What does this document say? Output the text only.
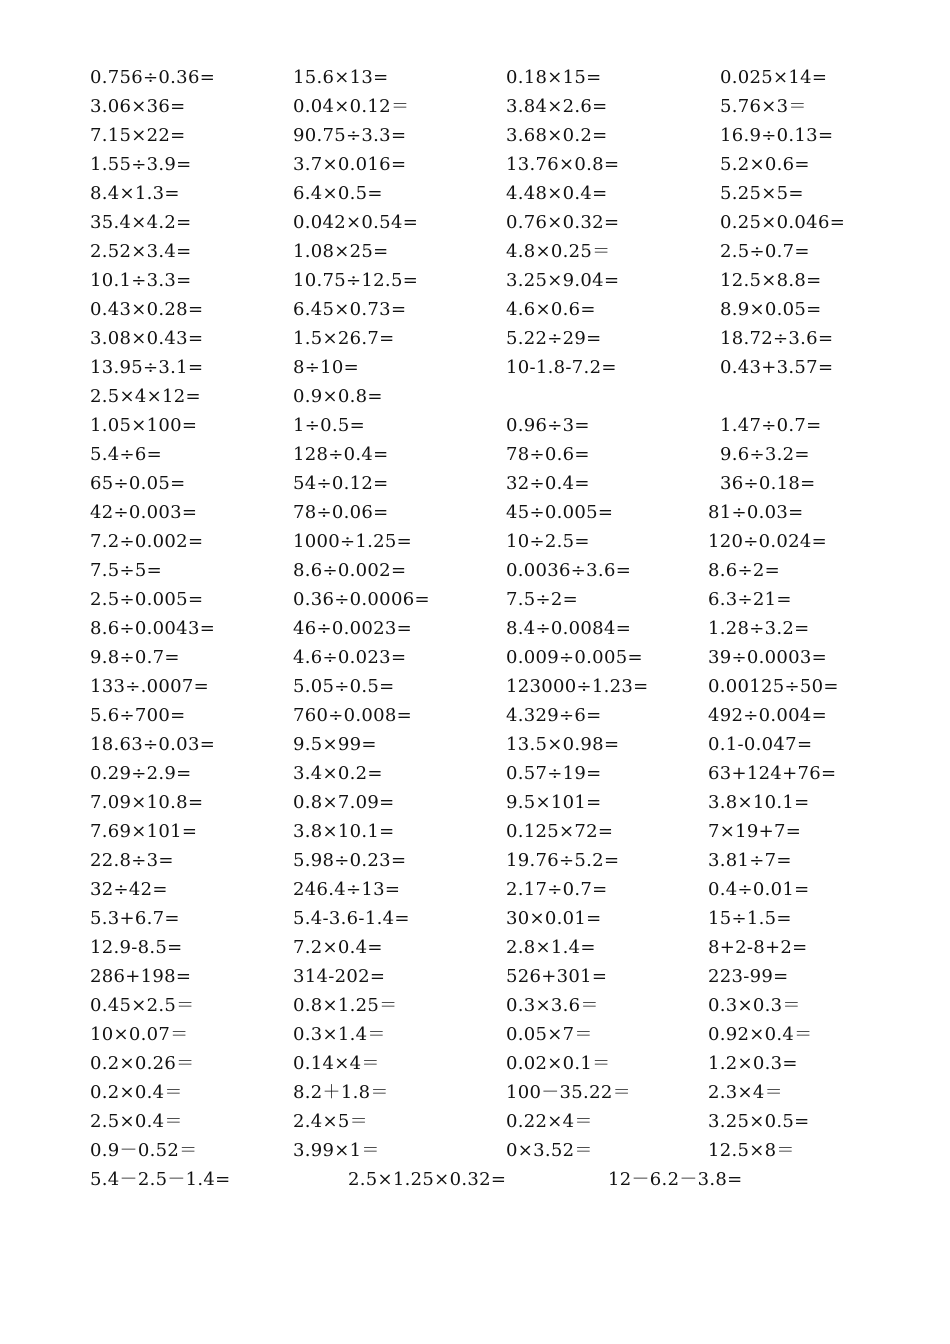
0.756÷0.36=	15.6×13=	0.18×15=	0.025×14=
3.06×36=	0.04×0.12＝	3.84×2.6=	5.76×3＝
7.15×22=	90.75÷3.3=	3.68×0.2=	16.9÷0.13=
1.55÷3.9=	3.7×0.016=	13.76×0.8=	5.2×0.6=
8.4×1.3=	6.4×0.5=	4.48×0.4=	5.25×5=
35.4×4.2=	0.042×0.54=	0.76×0.32=	0.25×0.046=
2.52×3.4=	1.08×25=	4.8×0.25＝	2.5÷0.7=
10.1÷3.3=	10.75÷12.5=	3.25×9.04=	12.5×8.8=
0.43×0.28=	6.45×0.73=	4.6×0.6=	8.9×0.05=
3.08×0.43=	1.5×26.7=	5.22÷29=	18.72÷3.6=
13.95÷3.1=	8÷10=	10-1.8-7.2=	0.43+3.57=
2.5×4×12=	0.9×0.8=
1.05×100=	1÷0.5=	0.96÷3=	1.47÷0.7=
5.4÷6=	128÷0.4=	78÷0.6=	9.6÷3.2=
65÷0.05=	54÷0.12=	32÷0.4=	36÷0.18=
42÷0.003=	78÷0.06=	45÷0.005=	81÷0.03=
7.2÷0.002=	1000÷1.25=	10÷2.5=	120÷0.024=
7.5÷5=	8.6÷0.002=	0.0036÷3.6=	8.6÷2=
2.5÷0.005=	0.36÷0.0006=	7.5÷2=	6.3÷21=
8.6÷0.0043=	46÷0.0023=	8.4÷0.0084=	1.28÷3.2=
9.8÷0.7=	4.6÷0.023=	0.009÷0.005=	39÷0.0003=
133÷.0007=	5.05÷0.5=	123000÷1.23=	0.00125÷50=
5.6÷700=	760÷0.008=	4.329÷6=	492÷0.004=
18.63÷0.03=	9.5×99=	13.5×0.98=	0.1-0.047=
0.29÷2.9=	3.4×0.2=	0.57÷19=	63+124+76=
7.09×10.8=	0.8×7.09=	9.5×101=	3.8×10.1=
7.69×101=	3.8×10.1=	0.125×72=	7×19+7=
22.8÷3=	5.98÷0.23=	19.76÷5.2=	3.81÷7=
32÷42=	246.4÷13=	2.17÷0.7=	0.4÷0.01=
5.3+6.7=	5.4-3.6-1.4=	30×0.01=	15÷1.5=
12.9-8.5=	7.2×0.4=	2.8×1.4=	8+2-8+2=
286+198=	314-202=	526+301=	223-99=
0.45×2.5＝	0.8×1.25＝	0.3×3.6＝	0.3×0.3＝
10×0.07＝	0.3×1.4＝	0.05×7＝	0.92×0.4＝
0.2×0.26＝	0.14×4＝	0.02×0.1＝	1.2×0.3=
0.2×0.4＝	8.2＋1.8＝	100－35.22＝	2.3×4＝
2.5×0.4＝	2.4×5＝	0.22×4＝	3.25×0.5=
0.9－0.52＝	3.99×1＝	0×3.52＝	12.5×8＝
5.4－2.5－1.4=	2.5×1.25×0.32=	12－6.2－3.8=
